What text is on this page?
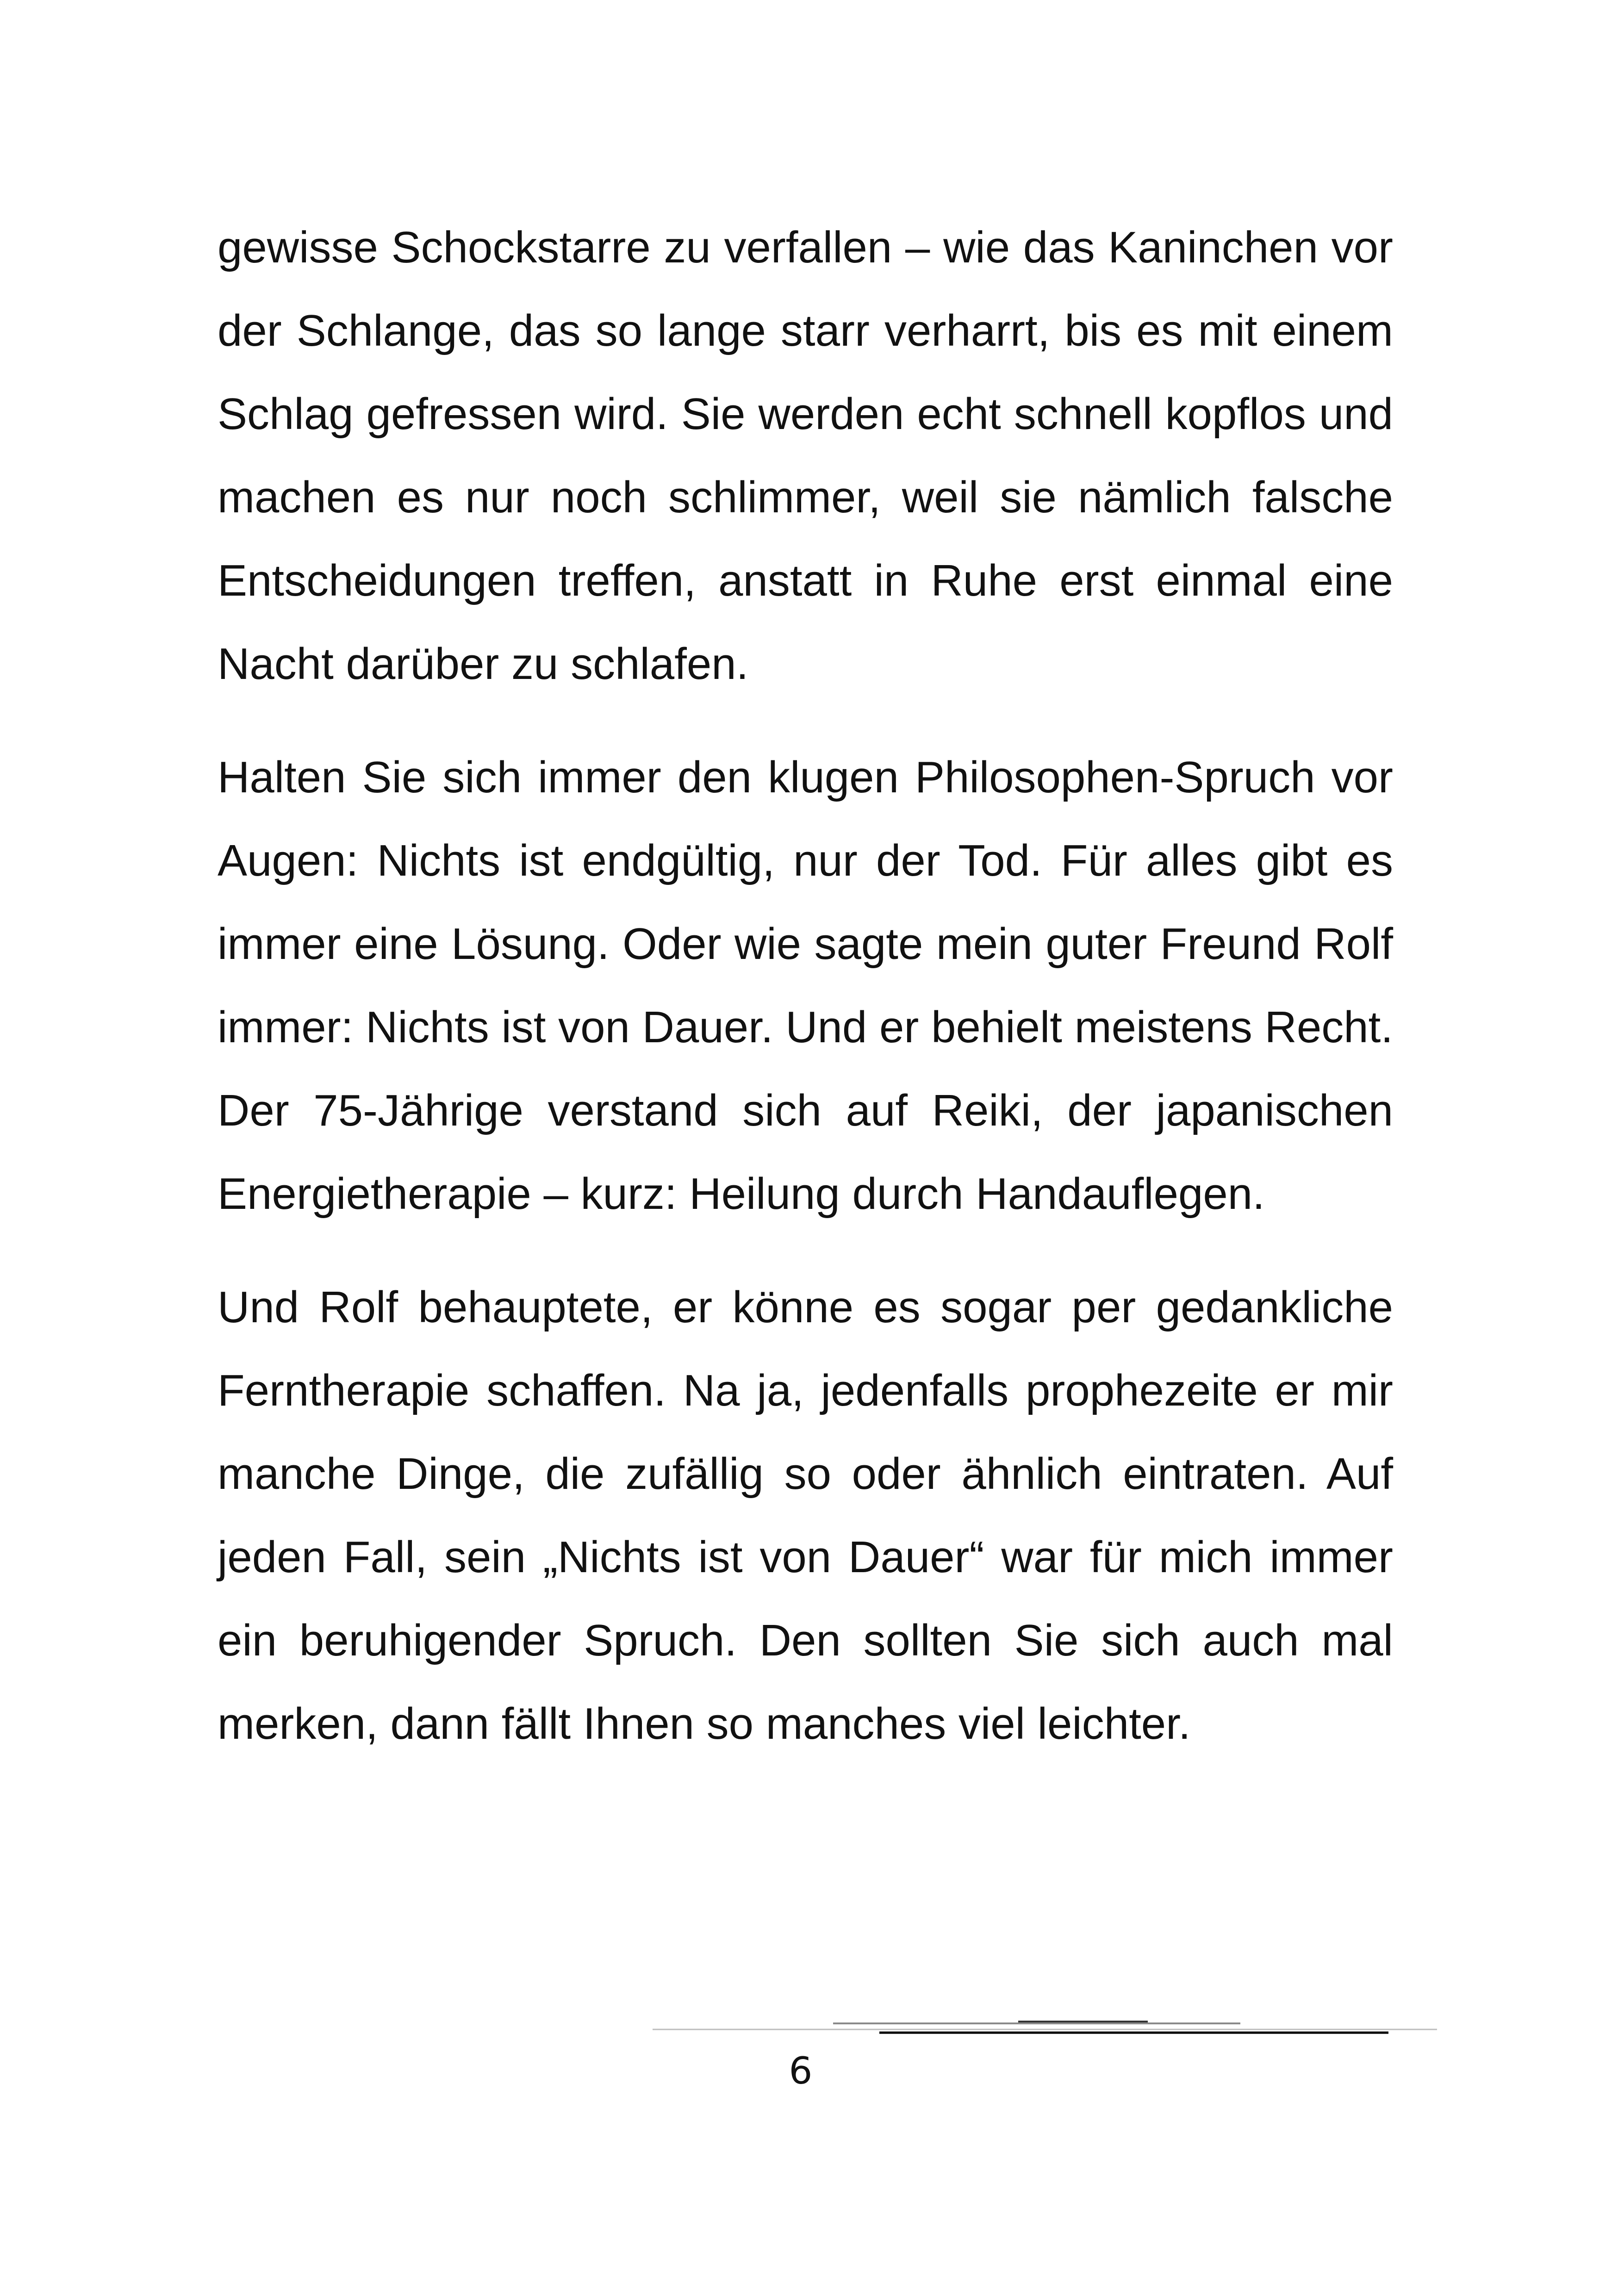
gewisse Schockstarre zu verfallen – wie das Kaninchen vor der Schlange, das so lange starr verharrt, bis es mit einem Schlag gefressen wird. Sie werden echt schnell kopflos und machen es nur noch schlimmer, weil sie nämlich falsche Entscheidungen treffen, anstatt in Ruhe erst einmal eine Nacht darüber zu schlafen.

Halten Sie sich immer den klugen Philosophen-Spruch vor Augen: Nichts ist endgültig, nur der Tod. Für alles gibt es immer eine Lösung. Oder wie sagte mein guter Freund Rolf immer: Nichts ist von Dauer. Und er behielt meistens Recht. Der 75-Jährige verstand sich auf Reiki, der japanischen Energietherapie – kurz: Heilung durch Handauflegen.

Und Rolf behauptete, er könne es sogar per gedankliche Ferntherapie schaffen. Na ja, jedenfalls prophezeite er mir manche Dinge, die zufällig so oder ähnlich eintraten. Auf jeden Fall, sein „Nichts ist von Dauer“ war für mich immer ein beruhigender Spruch. Den sollten Sie sich auch mal merken, dann fällt Ihnen so manches viel leichter.

6
